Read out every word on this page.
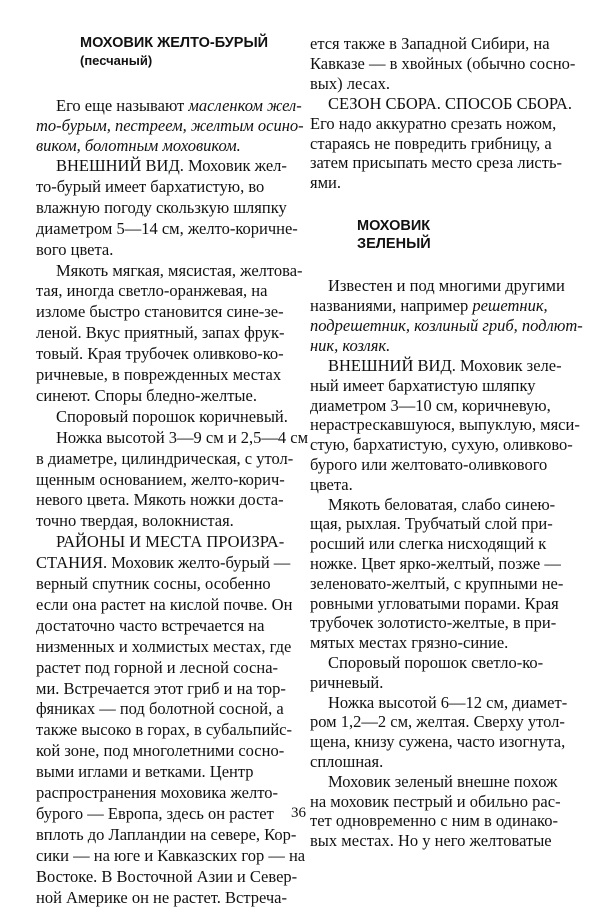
МОХОВИК ЖЕЛТО-БУРЫЙ
(песчаный)
Его еще называют масленком жел-
то-бурым, пестреем, желтым осино-
виком, болотным моховиком.
ВНЕШНИЙ ВИД. Моховик жел-
то-бурый имеет бархатистую, во
влажную погоду скользкую шляпку
диаметром 5—14 см, желто-коричне-
вого цвета.
Мякоть мягкая, мясистая, желтова-
тая, иногда светло-оранжевая, на
изломе быстро становится сине-зе-
леной. Вкус приятный, запах фрук-
товый. Края трубочек оливково-ко-
ричневые, в поврежденных местах
синеют. Споры бледно-желтые.
Споровый порошок коричневый.
Ножка высотой 3—9 см и 2,5—4 см
в диаметре, цилиндрическая, с утол-
щенным основанием, желто-корич-
невого цвета. Мякоть ножки доста-
точно твердая, волокнистая.
РАЙОНЫ И МЕСТА ПРОИЗРА-
СТАНИЯ. Моховик желто-бурый —
верный спутник сосны, особенно
если она растет на кислой почве. Он
достаточно часто встречается на
низменных и холмистых местах, где
растет под горной и лесной сосна-
ми. Встречается этот гриб и на тор-
фяниках — под болотной сосной, а
также высоко в горах, в субальпийс-
кой зоне, под многолетними сосно-
выми иглами и ветками. Центр
распространения моховика желто-
бурого — Европа, здесь он растет
вплоть до Лапландии на севере, Кор-
сики — на юге и Кавказских гор — на
Востоке. В Восточной Азии и Север-
ной Америке он не растет. Встреча-
ется также в Западной Сибири, на
Кавказе — в хвойных (обычно сосно-
вых) лесах.
СЕЗОН СБОРА. СПОСОБ СБОРА.
Его надо аккуратно срезать ножом,
стараясь не повредить грибницу, а
затем присыпать место среза листь-
ями.
МОХОВИК
ЗЕЛЕНЫЙ
Известен и под многими другими
названиями, например решетник,
подрешетник, козлиный гриб, подлют-
ник, козляк.
ВНЕШНИЙ ВИД. Моховик зеле-
ный имеет бархатистую шляпку
диаметром 3—10 см, коричневую,
нерастрескавшуюся, выпуклую, мяси-
стую, бархатистую, сухую, оливково-
бурого или желтовато-оливкового
цвета.
Мякоть беловатая, слабо синею-
щая, рыхлая. Трубчатый слой при-
росший или слегка нисходящий к
ножке. Цвет ярко-желтый, позже —
зеленовато-желтый, с крупными не-
ровными угловатыми порами. Края
трубочек золотисто-желтые, в при-
мятых местах грязно-синие.
Споровый порошок светло-ко-
ричневый.
Ножка высотой 6—12 см, диамет-
ром 1,2—2 см, желтая. Сверху утол-
щена, книзу сужена, часто изогнута,
сплошная.
Моховик зеленый внешне похож
на моховик пестрый и обильно рас-
тет одновременно с ним в одинако-
вых местах. Но у него желтоватые
36
